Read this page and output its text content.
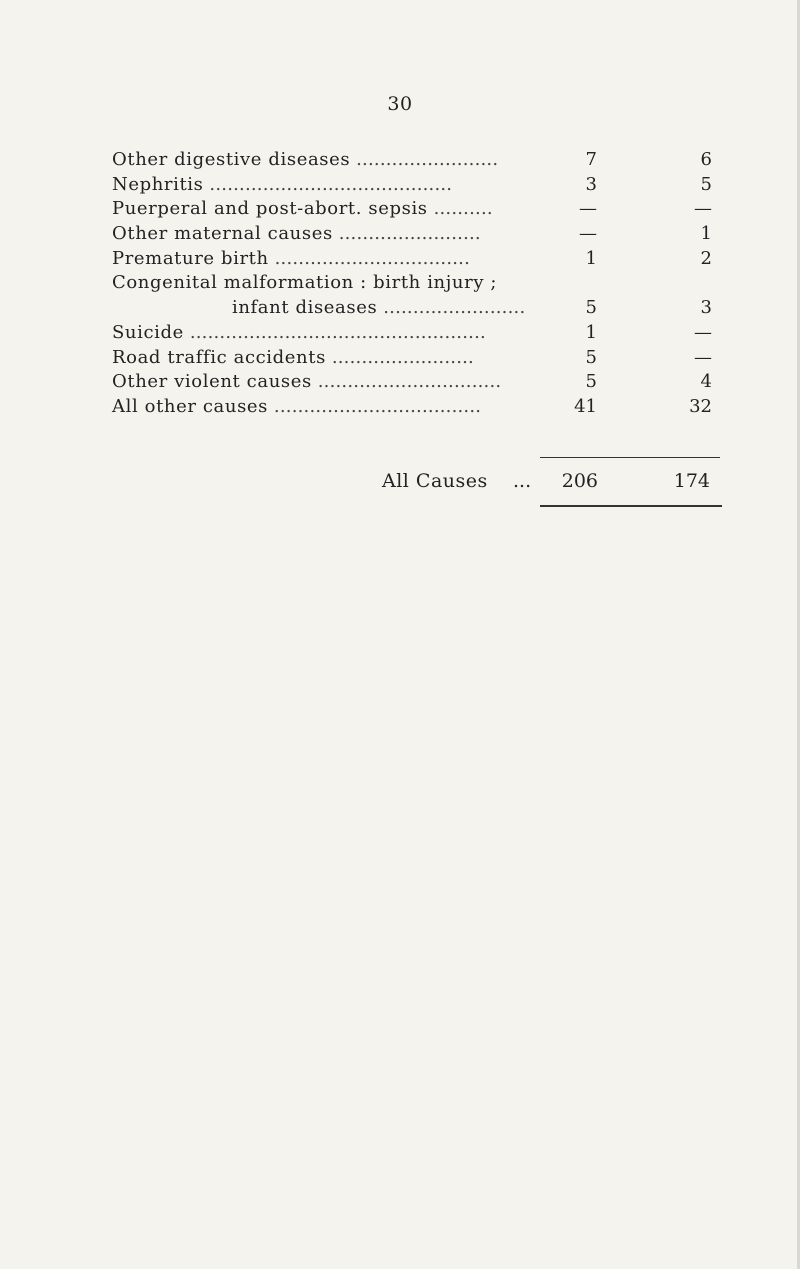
30
Other digestive diseases ........................	7	6
Nephritis .........................................	3	5
Puerperal and post-abort. sepsis ..........	—	—
Other maternal causes ........................	—	1
Premature birth .................................	1	2
Congenital malformation : birth injury ;
infant diseases ........................	5	3
Suicide ..................................................	1	—
Road traffic accidents ........................	5	—
Other violent causes ...............................	5	4
All other causes ...................................	41	32
All Causes ... 206	174
